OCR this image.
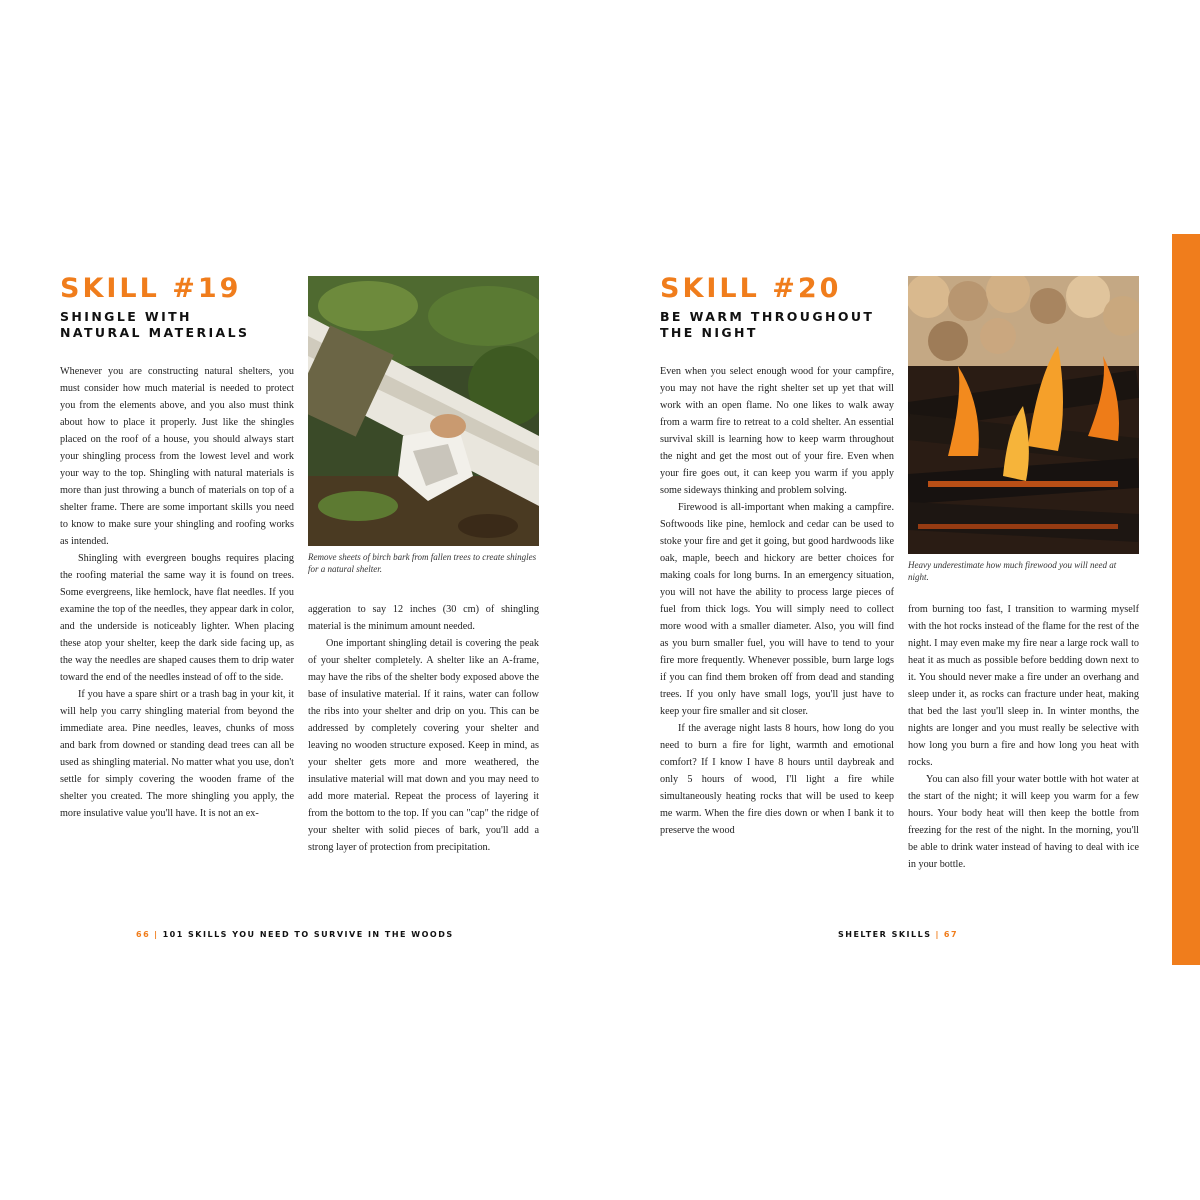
SKILL #19
SHINGLE WITH
NATURAL MATERIALS

Whenever you are constructing natural shelters, you must consider how much material is needed to protect you from the elements above, and you also must think about how to place it properly. Just like the shingles placed on the roof of a house, you should always start your shingling process from the lowest level and work your way to the top. Shingling with natural materials is more than just throwing a bunch of materials on top of a shelter frame. There are some important skills you need to know to make sure your shingling and roofing works as intended.

Shingling with evergreen boughs requires placing the roofing material the same way it is found on trees. Some evergreens, like hemlock, have flat needles. If you examine the top of the needles, they appear dark in color, and the underside is noticeably lighter. When placing these atop your shelter, keep the dark side facing up, as the way the needles are shaped causes them to drip water toward the end of the needles instead of off to the side.

If you have a spare shirt or a trash bag in your kit, it will help you carry shingling material from beyond the immediate area. Pine needles, leaves, chunks of moss and bark from downed or standing dead trees can all be used as shingling material. No matter what you use, don't settle for simply covering the wooden frame of the shelter you created. The more shingling you apply, the more insulative value you'll have. It is not an ex-

Remove sheets of birch bark from fallen trees to create shingles for a natural shelter.

aggeration to say 12 inches (30 cm) of shingling material is the minimum amount needed.

One important shingling detail is covering the peak of your shelter completely. A shelter like an A-frame, may have the ribs of the shelter body exposed above the base of insulative material. If it rains, water can follow the ribs into your shelter and drip on you. This can be addressed by completely covering your shelter and leaving no wooden structure exposed. Keep in mind, as your shelter gets more and more weathered, the insulative material will mat down and you may need to add more material. Repeat the process of layering it from the bottom to the top. If you can "cap" the ridge of your shelter with solid pieces of bark, you'll add a strong layer of protection from precipitation.

66 | 101 SKILLS YOU NEED TO SURVIVE IN THE WOODS
SKILL #20
BE WARM THROUGHOUT
THE NIGHT

Even when you select enough wood for your campfire, you may not have the right shelter set up yet that will work with an open flame. No one likes to walk away from a warm fire to retreat to a cold shelter. An essential survival skill is learning how to keep warm throughout the night and get the most out of your fire. Even when your fire goes out, it can keep you warm if you apply some sideways thinking and problem solving.

Firewood is all-important when making a campfire. Softwoods like pine, hemlock and cedar can be used to stoke your fire and get it going, but good hardwoods like oak, maple, beech and hickory are better choices for making coals for long burns. In an emergency situation, you will not have the ability to process large pieces of fuel from thick logs. You will simply need to collect more wood with a smaller diameter. Also, you will find as you burn smaller fuel, you will have to tend to your fire more frequently. Whenever possible, burn large logs if you can find them broken off from dead and standing trees. If you only have small logs, you'll just have to keep your fire smaller and sit closer.

If the average night lasts 8 hours, how long do you need to burn a fire for light, warmth and emotional comfort? If I know I have 8 hours until daybreak and only 5 hours of wood, I'll light a fire while simultaneously heating rocks that will be used to keep me warm. When the fire dies down or when I bank it to preserve the wood

Heavy underestimate how much firewood you will need at night.

from burning too fast, I transition to warming myself with the hot rocks instead of the flame for the rest of the night. I may even make my fire near a large rock wall to heat it as much as possible before bedding down next to it. You should never make a fire under an overhang and sleep under it, as rocks can fracture under heat, making that bed the last you'll sleep in. In winter months, the nights are longer and you must really be selective with how long you burn a fire and how long you heat with rocks.

You can also fill your water bottle with hot water at the start of the night; it will keep you warm for a few hours. Your body heat will then keep the bottle from freezing for the rest of the night. In the morning, you'll be able to drink water instead of having to deal with ice in your bottle.

SHELTER SKILLS | 67
